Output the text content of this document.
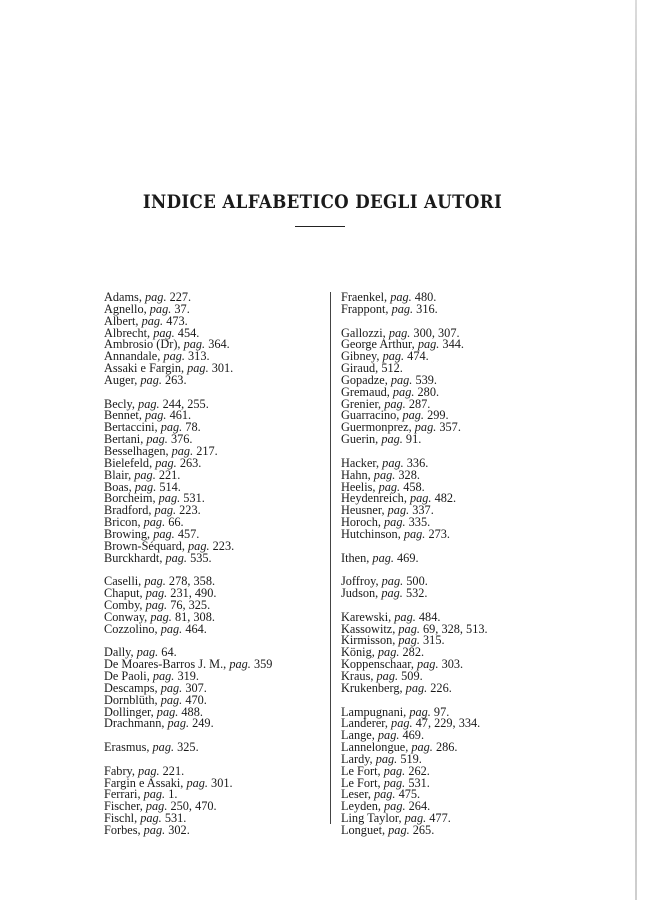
INDICE ALFABETICO DEGLI AUTORI
Adams, pag. 227.
Agnello, pag. 37.
Albert, pag. 473.
Albrecht, pag. 454.
Ambrosio (Dr), pag. 364.
Annandale, pag. 313.
Assaki e Fargin, pag. 301.
Auger, pag. 263.
Becly, pag. 244, 255.
Bennet, pag. 461.
Bertaccini, pag. 78.
Bertani, pag. 376.
Besselhagen, pag. 217.
Bielefeld, pag. 263.
Blair, pag. 221.
Boas, pag. 514.
Borcheim, pag. 531.
Bradford, pag. 223.
Bricon, pag. 66.
Browing, pag. 457.
Brown-Séquard, pag. 223.
Burckhardt, pag. 535.
Caselli, pag. 278, 358.
Chaput, pag. 231, 490.
Comby, pag. 76, 325.
Conway, pag. 81, 308.
Cozzolino, pag. 464.
Dally, pag. 64.
De Moares-Barros J. M., pag. 359
De Paoli, pag. 319.
Descamps, pag. 307.
Dornblüth, pag. 470.
Dollinger, pag. 488.
Drachmann, pag. 249.
Erasmus, pag. 325.
Fabry, pag. 221.
Fargin e Assaki, pag. 301.
Ferrari, pag. 1.
Fischer, pag. 250, 470.
Fischl, pag. 531.
Forbes, pag. 302.
Fraenkel, pag. 480.
Frappont, pag. 316.
Gallozzi, pag. 300, 307.
George Arthur, pag. 344.
Gibney, pag. 474.
Giraud, 512.
Gopadze, pag. 539.
Gremaud, pag. 280.
Grenier, pag. 287.
Guarracino, pag. 299.
Guermonprez, pag. 357.
Guerin, pag. 91.
Hacker, pag. 336.
Hahn, pag. 328.
Heelis, pag. 458.
Heydenreich, pag. 482.
Heusner, pag. 337.
Horoch, pag. 335.
Hutchinson, pag. 273.
Ithen, pag. 469.
Joffroy, pag. 500.
Judson, pag. 532.
Karewski, pag. 484.
Kassowitz, pag. 69, 328, 513.
Kirmisson, pag. 315.
König, pag. 282.
Koppenschaar, pag. 303.
Kraus, pag. 509.
Krukenberg, pag. 226.
Lampugnani, pag. 97.
Landerer, pag. 47, 229, 334.
Lange, pag. 469.
Lannelongue, pag. 286.
Lardy, pag. 519.
Le Fort, pag. 262.
Le Fort, pag. 531.
Leser, pag. 475.
Leyden, pag. 264.
Ling Taylor, pag. 477.
Longuet, pag. 265.
